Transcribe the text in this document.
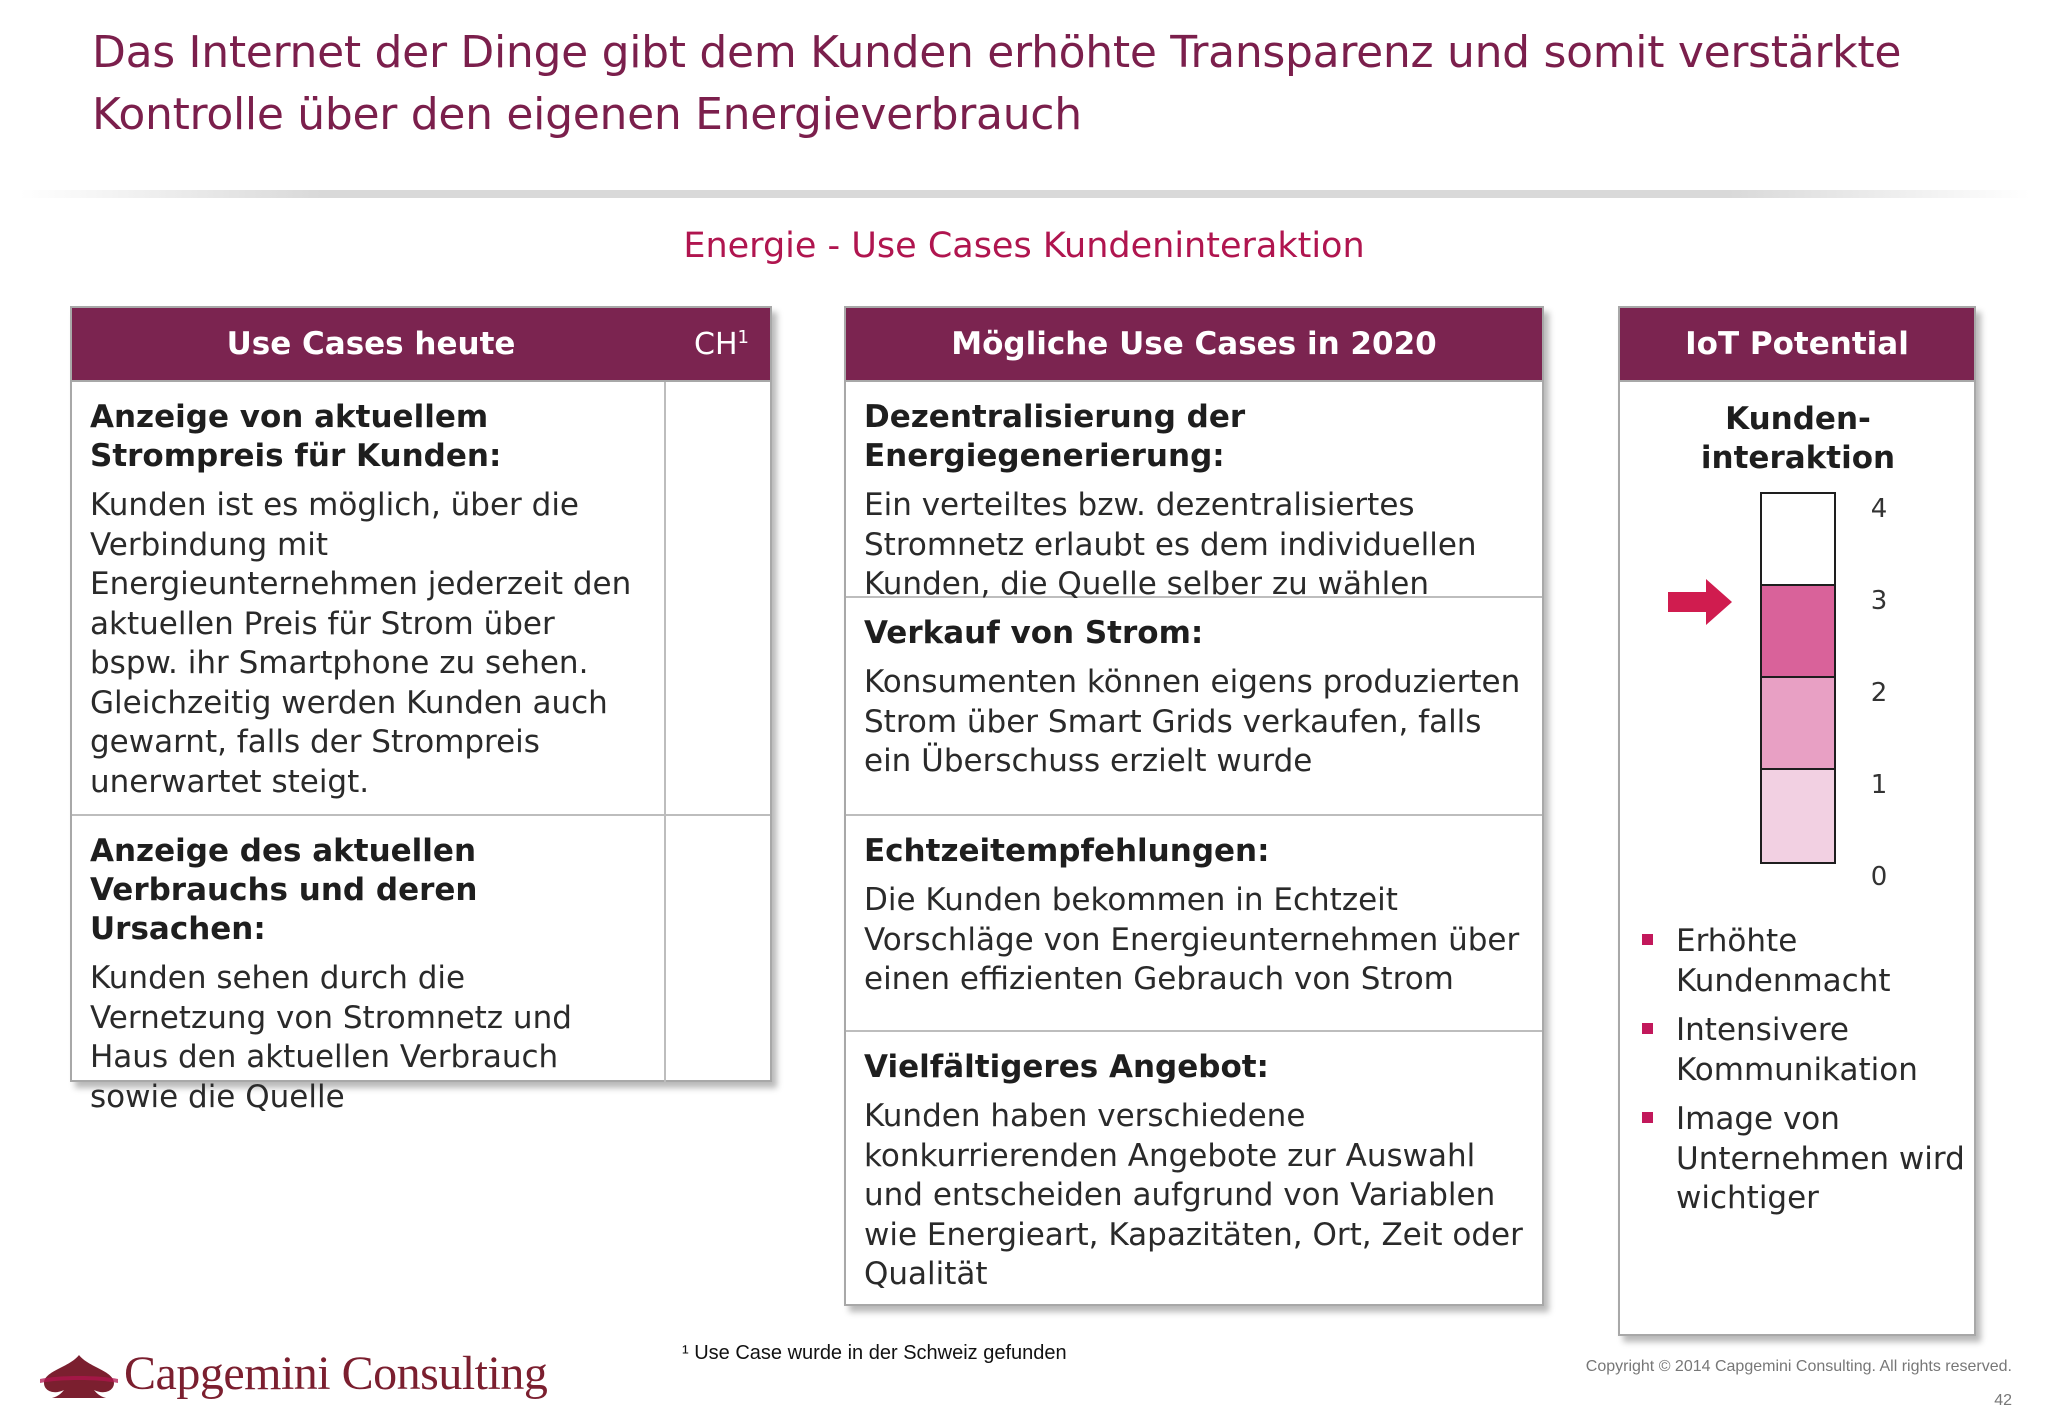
Das Internet der Dinge gibt dem Kunden erhöhte Transparenz und somit verstärkte
Kontrolle über den eigenen Energieverbrauch
Energie - Use Cases Kundeninteraktion
Use Cases heute	$CH^1$
Anzeige von aktuellem Strompreis für Kunden:
Kunden ist es möglich, über die Verbindung mit Energieunternehmen jederzeit den aktuellen Preis für Strom über bspw. ihr Smartphone zu sehen. Gleichzeitig werden Kunden auch gewarnt, falls der Strompreis unerwartet steigt.
Anzeige des aktuellen Verbrauchs und deren Ursachen:
Kunden sehen durch die Vernetzung von Stromnetz und Haus den aktuellen Verbrauch sowie die Quelle
Mögliche Use Cases in 2020
Dezentralisierung der Energiegenerierung:
Ein verteiltes bzw. dezentralisiertes Stromnetz erlaubt es dem individuellen Kunden, die Quelle selber zu wählen
Verkauf von Strom:
Konsumenten können eigens produzierten Strom über Smart Grids verkaufen, falls ein Überschuss erzielt wurde
Echtzeitempfehlungen:
Die Kunden bekommen in Echtzeit Vorschläge von Energieunternehmen über einen effizienten Gebrauch von Strom
Vielfältigeres Angebot:
Kunden haben verschiedene konkurrierenden Angebote zur Auswahl und entscheiden aufgrund von Variablen wie Energieart, Kapazitäten, Ort, Zeit oder Qualität
IoT Potential
Kunden-
interaktion
4
3
2
1
0
Erhöhte Kundenmacht
Intensivere Kommunikation
Image von Unternehmen wird wichtiger
¹ Use Case wurde in der Schweiz gefunden
Capgemini Consulting	Copyright © 2014 Capgemini Consulting. All rights reserved.
42
